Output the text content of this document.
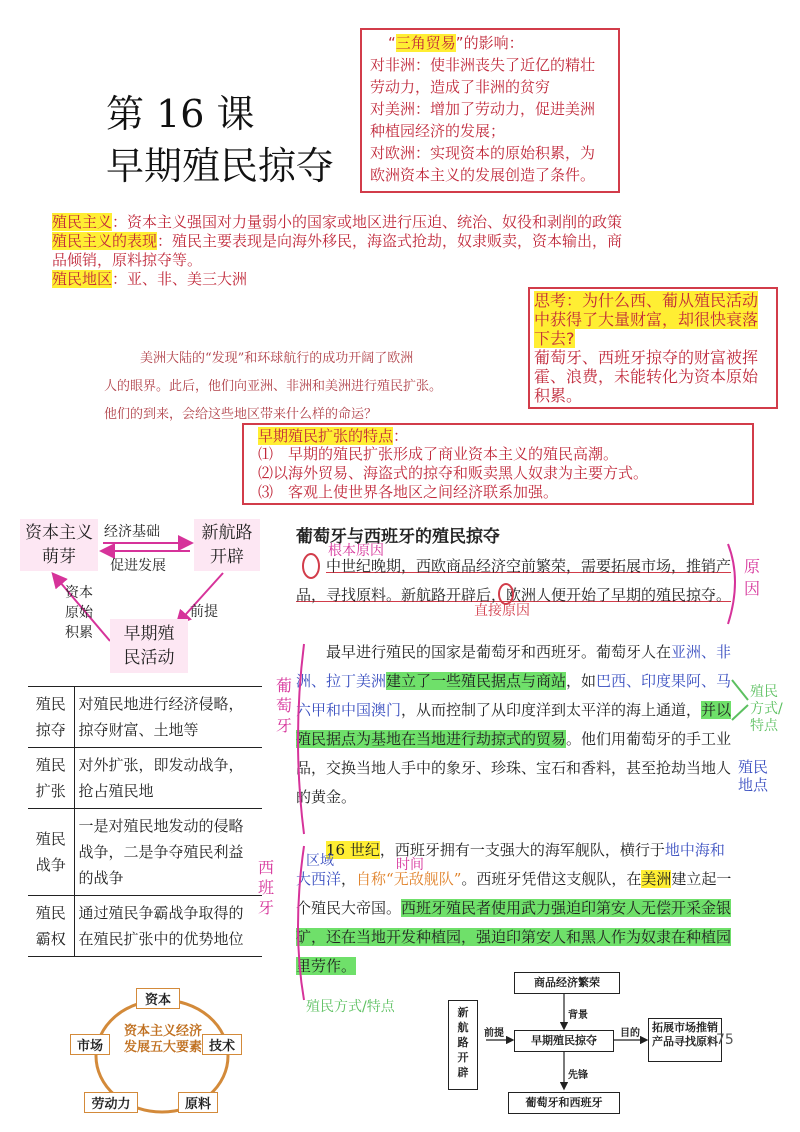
第 16 课
早期殖民掠夺
“三角贸易”的影响：
对非洲：使非洲丧失了近亿的精壮
劳动力，造成了非洲的贫穷
对美洲：增加了劳动力，促进美洲
种植园经济的发展；
对欧洲：实现资本的原始积累，为
欧洲资本主义的发展创造了条件。
殖民主义：资本主义强国对力量弱小的国家或地区进行压迫、统治、奴役和剥削的政策
殖民主义的表现：殖民主要表现是向海外移民，海盗式抢劫，奴隶贩卖，资本输出，商
品倾销，原料掠夺等。
殖民地区：亚、非、美三大洲
思考：为什么西、葡从殖民活动中获得了大量财富，却很快衰落下去?
葡萄牙、西班牙掠夺的财富被挥霍、浪费，未能转化为资本原始积累。
美洲大陆的“发现”和环球航行的成功开阔了欧洲
人的眼界。此后，他们向亚洲、非洲和美洲进行殖民扩张。
他们的到来，会给这些地区带来什么样的命运？
早期殖民扩张的特点：
⑴　早期的殖民扩张形成了商业资本主义的殖民高潮。
⑵以海外贸易、海盗式的掠夺和贩卖黑人奴隶为主要方式。
⑶　客观上使世界各地区之间经济联系加强。
资本主义萌芽
新航路开辟
早期殖民活动
经济基础
促进发展
资本原始积累
前提
殖民掠夺	对殖民地进行经济侵略，掠夺财富、土地等
殖民扩张	对外扩张，即发动战争，抢占殖民地
殖民战争	一是对殖民地发动的侵略战争，二是争夺殖民利益的战争
殖民霸权	通过殖民争霸战争取得的在殖民扩张中的优势地位
资本主义经济发展五大要素
资本
技术
原料
劳动力
市场
葡萄牙与西班牙的殖民掠夺
中世纪晚期，西欧商品经济空前繁荣，需要拓展市场，推销产品，寻找原料。新航路开辟后，欧洲人便开始了早期的殖民掠夺。
最早进行殖民的国家是葡萄牙和西班牙。葡萄牙人在亚洲、非洲、拉丁美洲建立了一些殖民据点与商站，如巴西、印度果阿、马六甲和中国澳门，从而控制了从印度洋到太平洋的海上通道，并以殖民据点为基地在当地进行劫掠式的贸易。他们用葡萄牙的手工业品，交换当地人手中的象牙、珍珠、宝石和香料，甚至抢劫当地人的黄金。
16 世纪，西班牙拥有一支强大的海军舰队，横行于地中海和大西洋，自称“无敌舰队”。西班牙凭借这支舰队，在美洲建立起一个殖民大帝国。西班牙殖民者使用武力强迫印第安人无偿开采金银矿，还在当地开发种植园，强迫印第安人和黑人作为奴隶在种植园里劳作。
根本原因
直接原因
原因
葡萄牙
殖民方式/特点
殖民地点
西班牙
区域	时间
殖民方式/特点
商品经济繁荣
新航路开辟
早期殖民掠夺
拓展市场推销产品寻找原料
葡萄牙和西班牙
前提
背景
目的
先锋
75
